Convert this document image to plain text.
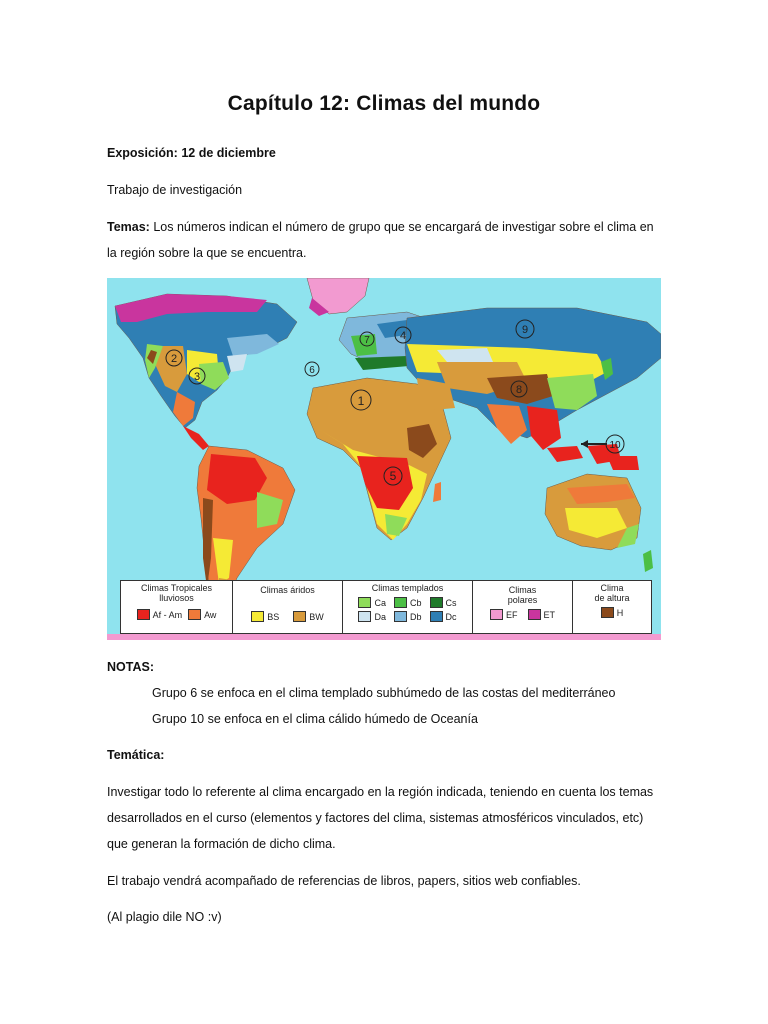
Capítulo 12: Climas del mundo

Exposición: 12 de diciembre

Trabajo de investigación

Temas: Los números indican el número de grupo que se encargará de investigar sobre el clima en

la región sobre la que se encuentra.

1
2
3
4
5
6
7
8
9
10
Climas Tropicales
lluviosos
Af - Am Aw
Climas áridos
BS	BW
Climas templados
Ca	Cb	Cs
Da	Db	Dc
Climas
polares
EF	ET
Clima
de altura
H

NOTAS:

Grupo 6 se enfoca en el clima templado subhúmedo de las costas del mediterráneo

Grupo 10 se enfoca en el clima cálido húmedo de Oceanía

Temática:

Investigar todo lo referente al clima encargado en la región indicada, teniendo en cuenta los temas

desarrollados en el curso (elementos y factores del clima, sistemas atmosféricos vinculados, etc)

que generan la formación de dicho clima.

El trabajo vendrá acompañado de referencias de libros, papers, sitios web confiables.

(Al plagio dile NO :v)
